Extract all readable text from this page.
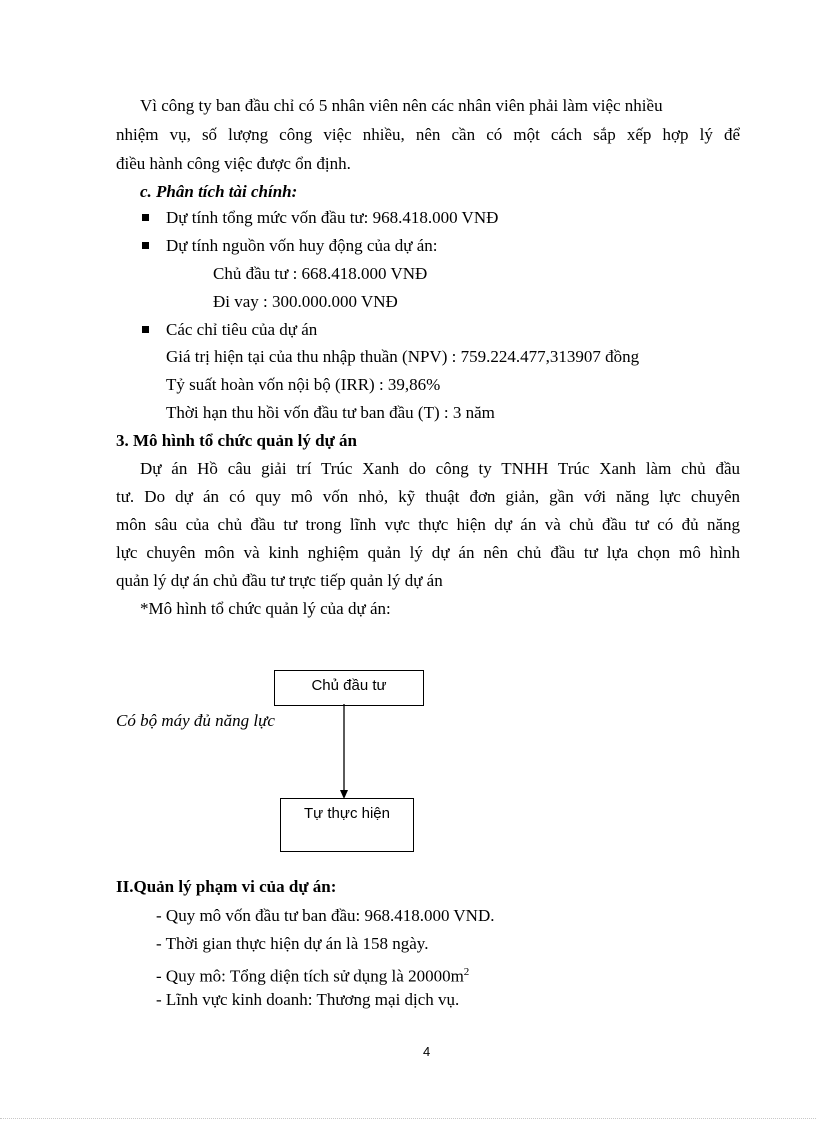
Vì công ty ban đầu chỉ có 5 nhân viên nên các nhân viên phải làm việc nhiều
nhiệm vụ, số lượng công việc nhiều, nên cần có một cách sắp xếp hợp lý để
điều hành công việc được ổn định.
c. Phân tích tài chính:
Dự tính tổng mức vốn đầu tư: 968.418.000 VNĐ
Dự tính nguồn vốn huy động của dự án:
Chủ đầu tư : 668.418.000 VNĐ
Đi vay : 300.000.000 VNĐ
Các chỉ tiêu của dự án
Giá trị hiện tại của thu nhập thuần (NPV) : 759.224.477,313907 đồng
Tỷ suất hoàn vốn nội bộ (IRR) : 39,86%
Thời hạn thu hồi vốn đầu tư ban đầu (T) : 3 năm
3. Mô hình tổ chức quản lý dự án
Dự án Hồ câu giải trí Trúc Xanh do công ty TNHH Trúc Xanh làm chủ đầu
tư. Do dự án có quy mô vốn nhỏ, kỹ thuật đơn giản, gần với năng lực chuyên
môn sâu của chủ đầu tư trong lĩnh vực thực hiện dự án và chủ đầu tư có đủ năng
lực chuyên môn và kinh nghiệm quản lý dự án nên chủ đầu tư lựa chọn mô hình
quản lý dự án chủ đầu tư trực tiếp quản lý dự án
*Mô hình tổ chức quản lý của dự án:
Chủ đầu tư
Có bộ máy đủ năng lực
Tự thực hiện
II.Quản lý phạm vi của dự án:
- Quy mô vốn đầu tư ban đầu: 968.418.000 VND.
- Thời gian thực hiện dự án là 158 ngày.
- Quy mô: Tổng diện tích sử dụng là $20000m^2$
- Lĩnh vực kinh doanh: Thương mại dịch vụ.
4
